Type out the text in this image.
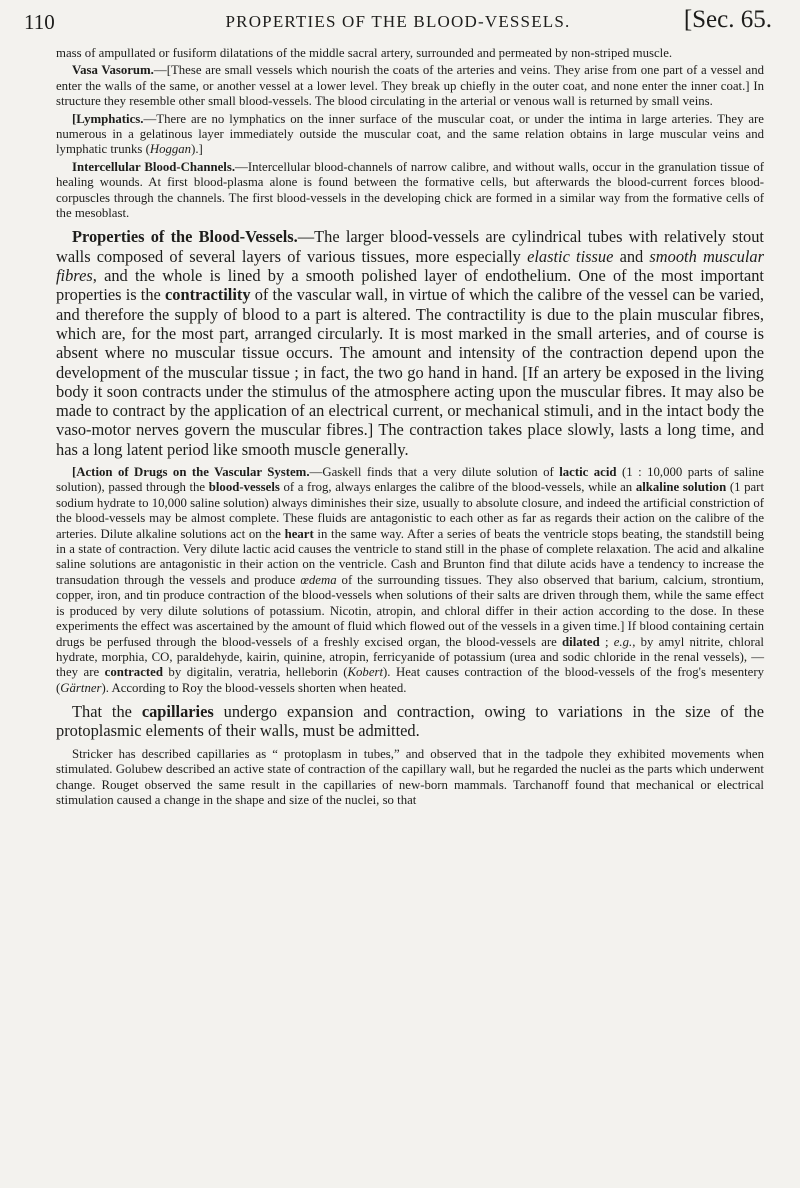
110	PROPERTIES OF THE BLOOD-VESSELS.	[Sec. 65.

mass of ampullated or fusiform dilatations of the middle sacral artery, surrounded and permeated by non-striped muscle.

Vasa Vasorum.—[These are small vessels which nourish the coats of the arteries and veins. They arise from one part of a vessel and enter the walls of the same, or another vessel at a lower level. They break up chiefly in the outer coat, and none enter the inner coat.] In structure they resemble other small blood-vessels. The blood circulating in the arterial or venous wall is returned by small veins.

[Lymphatics.—There are no lymphatics on the inner surface of the muscular coat, or under the intima in large arteries. They are numerous in a gelatinous layer immediately outside the muscular coat, and the same relation obtains in large muscular veins and lymphatic trunks (Hoggan).]

Intercellular Blood-Channels.—Intercellular blood-channels of narrow calibre, and without walls, occur in the granulation tissue of healing wounds. At first blood-plasma alone is found between the formative cells, but afterwards the blood-current forces blood-corpuscles through the channels. The first blood-vessels in the developing chick are formed in a similar way from the formative cells of the mesoblast.

Properties of the Blood-Vessels.—The larger blood-vessels are cylindrical tubes with relatively stout walls composed of several layers of various tissues, more especially elastic tissue and smooth muscular fibres, and the whole is lined by a smooth polished layer of endothelium. One of the most important properties is the contractility of the vascular wall, in virtue of which the calibre of the vessel can be varied, and therefore the supply of blood to a part is altered. The contractility is due to the plain muscular fibres, which are, for the most part, arranged circularly. It is most marked in the small arteries, and of course is absent where no muscular tissue occurs. The amount and intensity of the contraction depend upon the development of the muscular tissue ; in fact, the two go hand in hand. [If an artery be exposed in the living body it soon contracts under the stimulus of the atmosphere acting upon the muscular fibres. It may also be made to contract by the application of an electrical current, or mechanical stimuli, and in the intact body the vaso-motor nerves govern the muscular fibres.] The contraction takes place slowly, lasts a long time, and has a long latent period like smooth muscle generally.

[Action of Drugs on the Vascular System.—Gaskell finds that a very dilute solution of lactic acid (1 : 10,000 parts of saline solution), passed through the blood-vessels of a frog, always enlarges the calibre of the blood-vessels, while an alkaline solution (1 part sodium hydrate to 10,000 saline solution) always diminishes their size, usually to absolute closure, and indeed the artificial constriction of the blood-vessels may be almost complete. These fluids are antagonistic to each other as far as regards their action on the calibre of the arteries. Dilute alkaline solutions act on the heart in the same way. After a series of beats the ventricle stops beating, the standstill being in a state of contraction. Very dilute lactic acid causes the ventricle to stand still in the phase of complete relaxation. The acid and alkaline saline solutions are antagonistic in their action on the ventricle. Cash and Brunton find that dilute acids have a tendency to increase the transudation through the vessels and produce œdema of the surrounding tissues. They also observed that barium, calcium, strontium, copper, iron, and tin produce contraction of the blood-vessels when solutions of their salts are driven through them, while the same effect is produced by very dilute solutions of potassium. Nicotin, atropin, and chloral differ in their action according to the dose. In these experiments the effect was ascertained by the amount of fluid which flowed out of the vessels in a given time.] If blood containing certain drugs be perfused through the blood-vessels of a freshly excised organ, the blood-vessels are dilated ; e.g., by amyl nitrite, chloral hydrate, morphia, CO, paraldehyde, kairin, quinine, atropin, ferricyanide of potassium (urea and sodic chloride in the renal vessels), —they are contracted by digitalin, veratria, helleborin (Kobert). Heat causes contraction of the blood-vessels of the frog's mesentery (Gärtner). According to Roy the blood-vessels shorten when heated.

That the capillaries undergo expansion and contraction, owing to variations in the size of the protoplasmic elements of their walls, must be admitted.

Stricker has described capillaries as “ protoplasm in tubes,” and observed that in the tadpole they exhibited movements when stimulated. Golubew described an active state of contraction of the capillary wall, but he regarded the nuclei as the parts which underwent change. Rouget observed the same result in the capillaries of new-born mammals. Tarchanoff found that mechanical or electrical stimulation caused a change in the shape and size of the nuclei, so that
